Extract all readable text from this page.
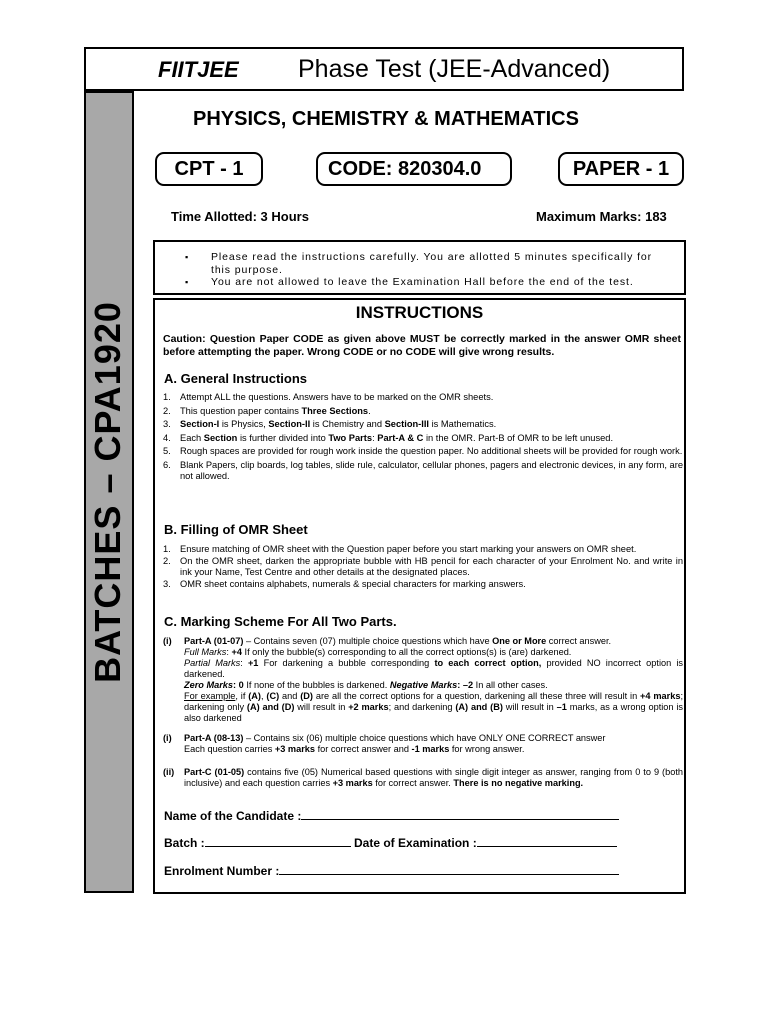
FIITJEE Phase Test (JEE-Advanced)
BATCHES – CPA1920
PHYSICS, CHEMISTRY & MATHEMATICS
CPT - 1	CODE: 820304.0	PAPER - 1
Time Allotted: 3 Hours	Maximum Marks: 183
▪ Please read the instructions carefully. You are allotted 5 minutes specifically for this purpose.
▪ You are not allowed to leave the Examination Hall before the end of the test.
INSTRUCTIONS
Caution: Question Paper CODE as given above MUST be correctly marked in the answer OMR sheet before attempting the paper. Wrong CODE or no CODE will give wrong results.
A. General Instructions
1. Attempt ALL the questions. Answers have to be marked on the OMR sheets.
2. This question paper contains Three Sections.
3. Section-I is Physics, Section-II is Chemistry and Section-III is Mathematics.
4. Each Section is further divided into Two Parts: Part-A & C in the OMR. Part-B of OMR to be left unused.
5. Rough spaces are provided for rough work inside the question paper. No additional sheets will be provided for rough work.
6. Blank Papers, clip boards, log tables, slide rule, calculator, cellular phones, pagers and electronic devices, in any form, are not allowed.
B. Filling of OMR Sheet
1. Ensure matching of OMR sheet with the Question paper before you start marking your answers on OMR sheet.
2. On the OMR sheet, darken the appropriate bubble with HB pencil for each character of your Enrolment No. and write in ink your Name, Test Centre and other details at the designated places.
3. OMR sheet contains alphabets, numerals & special characters for marking answers.
C. Marking Scheme For All Two Parts.
(i)	Part-A (01-07) – Contains seven (07) multiple choice questions which have One or More correct answer.
Full Marks: +4 If only the bubble(s) corresponding to all the correct options(s) is (are) darkened.
Partial Marks: +1 For darkening a bubble corresponding to each correct option, provided NO incorrect option is darkened.
Zero Marks: 0 If none of the bubbles is darkened. Negative Marks: –2 In all other cases.
For example, if (A), (C) and (D) are all the correct options for a question, darkening all these three will result in +4 marks; darkening only (A) and (D) will result in +2 marks; and darkening (A) and (B) will result in –1 marks, as a wrong option is also darkened
(i)	Part-A (08-13) – Contains six (06) multiple choice questions which have ONLY ONE CORRECT answer
Each question carries +3 marks for correct answer and -1 marks for wrong answer.
(ii)	Part-C (01-05) contains five (05) Numerical based questions with single digit integer as answer, ranging from 0 to 9 (both inclusive) and each question carries +3 marks for correct answer. There is no negative marking.
Name of the Candidate :
Batch :	Date of Examination :
Enrolment Number :
